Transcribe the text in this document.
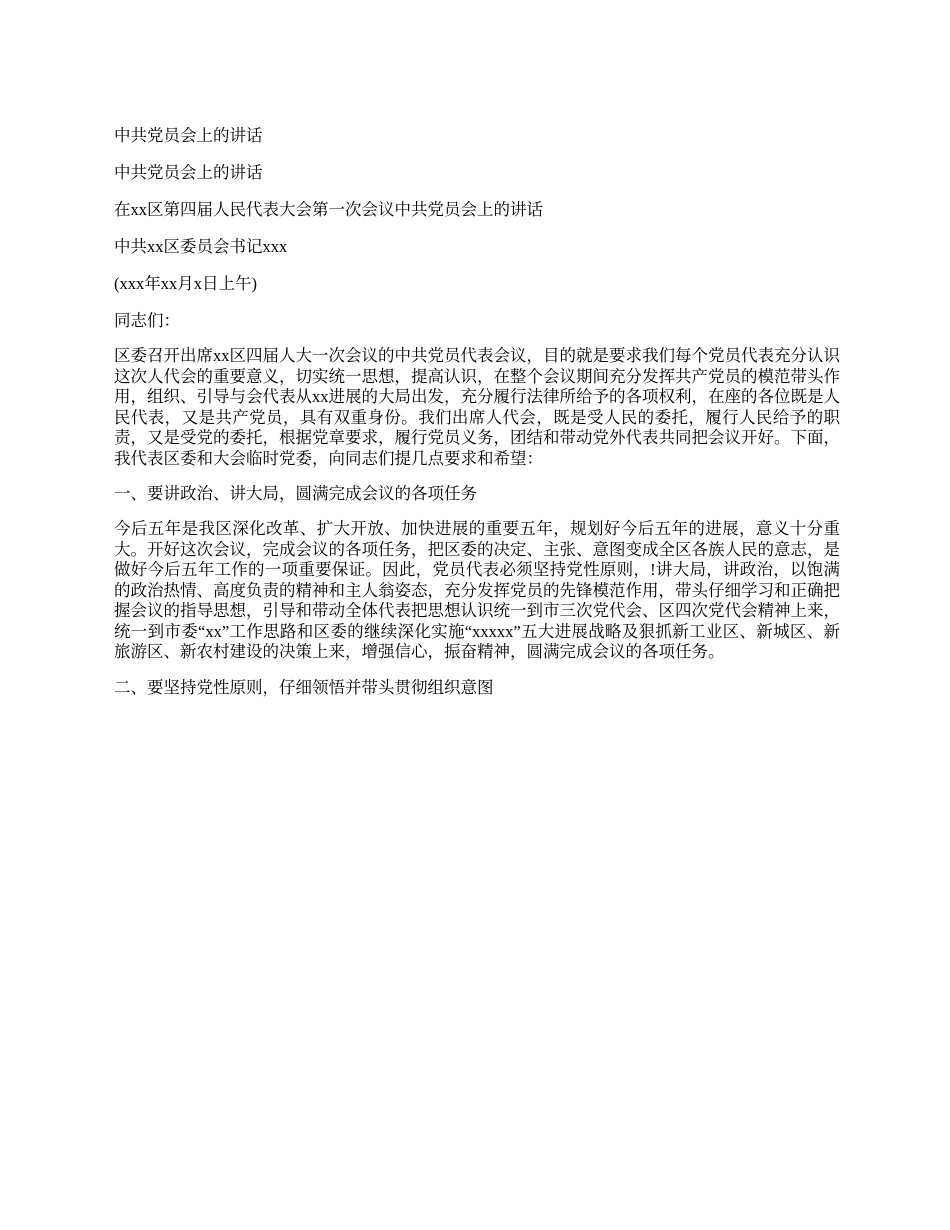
中共党员会上的讲话

中共党员会上的讲话

在xx区第四届人民代表大会第一次会议中共党员会上的讲话

中共xx区委员会书记xxx

(xxx年xx月x日上午)

同志们：

区委召开出席xx区四届人大一次会议的中共党员代表会议，目的就是要求我们每个党员代表充分认识这次人代会的重要意义，切实统一思想，提高认识，在整个会议期间充分发挥共产党员的模范带头作用，组织、引导与会代表从xx进展的大局出发，充分履行法律所给予的各项权利，在座的各位既是人民代表，又是共产党员，具有双重身份。我们出席人代会，既是受人民的委托，履行人民给予的职责，又是受党的委托，根据党章要求，履行党员义务，团结和带动党外代表共同把会议开好。下面，我代表区委和大会临时党委，向同志们提几点要求和希望：

一、要讲政治、讲大局，圆满完成会议的各项任务

今后五年是我区深化改革、扩大开放、加快进展的重要五年，规划好今后五年的进展，意义十分重大。开好这次会议，完成会议的各项任务，把区委的决定、主张、意图变成全区各族人民的意志，是做好今后五年工作的一项重要保证。因此，党员代表必须坚持党性原则，!讲大局，讲政治，以饱满的政治热情、高度负责的精神和主人翁姿态，充分发挥党员的先锋模范作用，带头仔细学习和正确把握会议的指导思想，引导和带动全体代表把思想认识统一到市三次党代会、区四次党代会精神上来，统一到市委“xx”工作思路和区委的继续深化实施“xxxxx”五大进展战略及狠抓新工业区、新城区、新旅游区、新农村建设的决策上来，增强信心，振奋精神，圆满完成会议的各项任务。

二、要坚持党性原则，仔细领悟并带头贯彻组织意图
